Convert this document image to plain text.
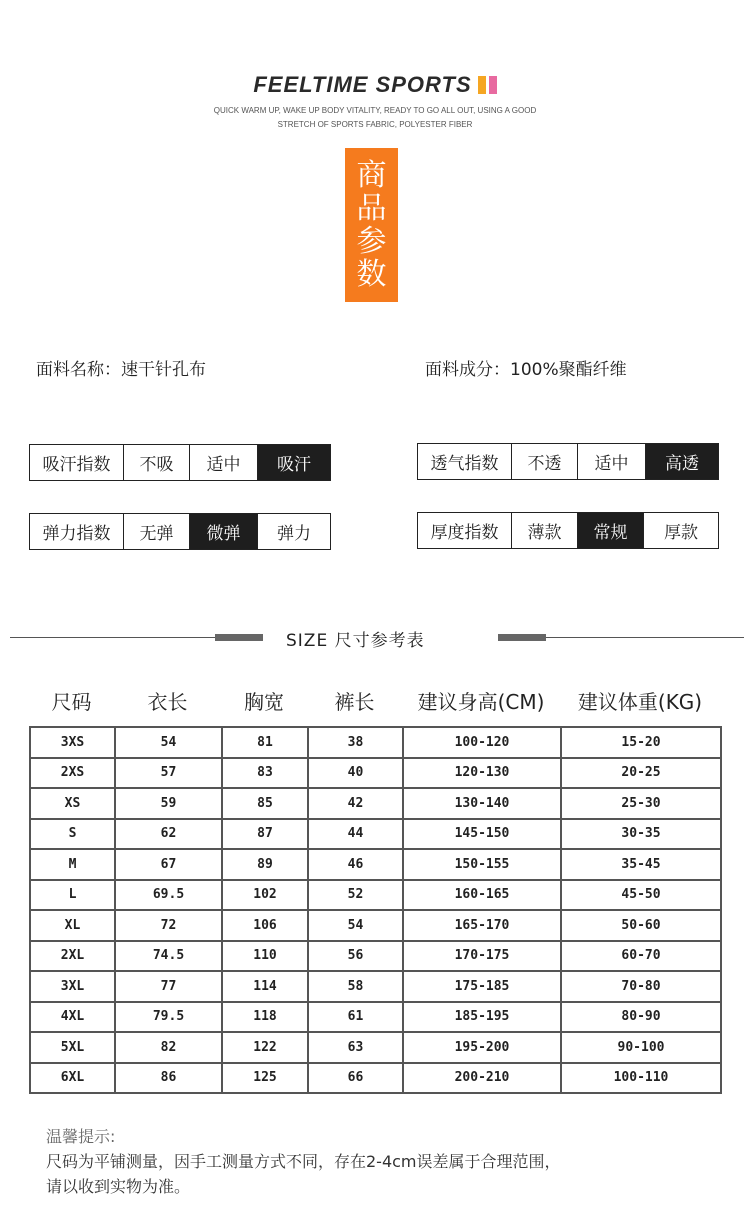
FEELTIME SPORTS
QUICK WARM UP, WAKE UP BODY VITALITY, READY TO GO ALL OUT, USING A GOOD
STRETCH OF SPORTS FABRIC, POLYESTER FIBER
商
品
参
数
面料名称：速干针孔布	面料成分：100%聚酯纤维
吸汗指数	不吸	适中	吸汗	透气指数	不透	适中	高透
弹力指数	无弹	微弹	弹力	厚度指数	薄款	常规	厚款
SIZE 尺寸参考表
尺码	衣长	胸宽	裤长	建议身高(CM)	建议体重(KG)
3XS	54	81	38	100-120	15-20
2XS	57	83	40	120-130	20-25
XS	59	85	42	130-140	25-30
S	62	87	44	145-150	30-35
M	67	89	46	150-155	35-45
L	69.5	102	52	160-165	45-50
XL	72	106	54	165-170	50-60
2XL	74.5	110	56	170-175	60-70
3XL	77	114	58	175-185	70-80
4XL	79.5	118	61	185-195	80-90
5XL	82	122	63	195-200	90-100
6XL	86	125	66	200-210	100-110
温馨提示:
尺码为平铺测量，因手工测量方式不同，存在2-4cm误差属于合理范围，
请以收到实物为准。
